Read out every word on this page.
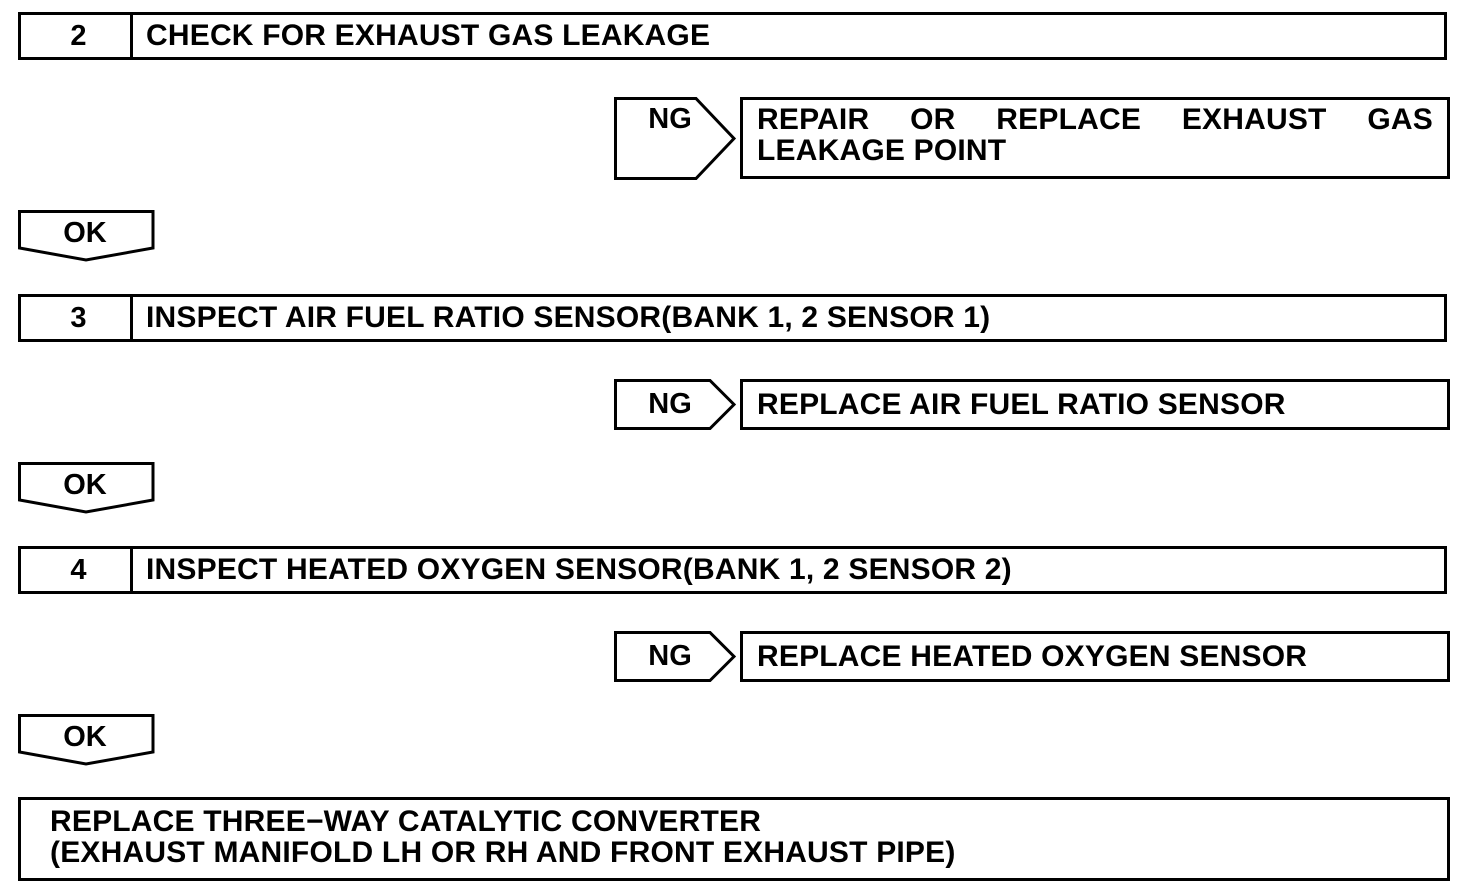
2	CHECK FOR EXHAUST GAS LEAKAGE
NG	REPAIR OR REPLACE EXHAUST GAS
LEAKAGE POINT
OK
3	INSPECT AIR FUEL RATIO SENSOR(BANK 1, 2 SENSOR 1)
NG	REPLACE AIR FUEL RATIO SENSOR
OK
4	INSPECT HEATED OXYGEN SENSOR(BANK 1, 2 SENSOR 2)
NG	REPLACE HEATED OXYGEN SENSOR
OK
REPLACE THREE−WAY CATALYTIC CONVERTER
(EXHAUST MANIFOLD LH OR RH AND FRONT EXHAUST PIPE)
